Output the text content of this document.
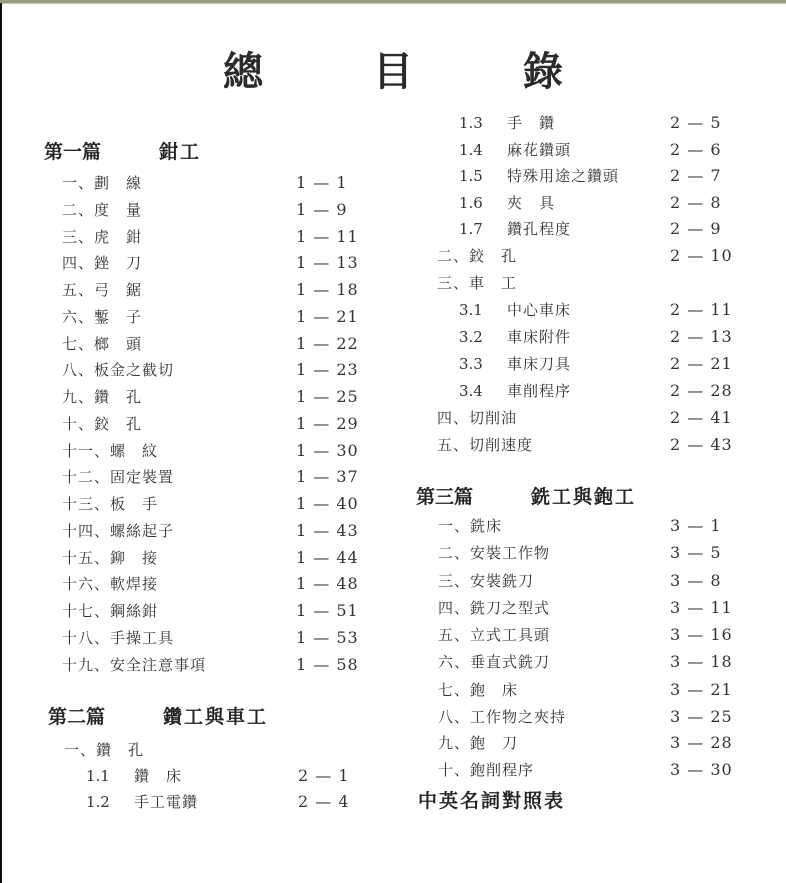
總 目 錄
第一篇	鉗工
一、劃　線	1 — 1
二、度　量	1 — 9
三、虎　鉗	1 — 11
四、銼　刀	1 — 13
五、弓　鋸	1 — 18
六、鏨　子	1 — 21
七、榔　頭	1 — 22
八、板金之截切	1 — 23
九、鑽　孔	1 — 25
十、鉸　孔	1 — 29
十一、螺　紋	1 — 30
十二、固定裝置	1 — 37
十三、板　手	1 — 40
十四、螺絲起子	1 — 43
十五、鉚　接	1 — 44
十六、軟焊接	1 — 48
十七、鋼絲鉗	1 — 51
十八、手操工具	1 — 53
十九、安全注意事項	1 — 58
第二篇	鑽工與車工
一、鑽　孔
1.1 鑽　床	2 — 1
1.2 手工電鑽	2 — 4
1.3 手　鑽	2 — 5
1.4 麻花鑽頭	2 — 6
1.5 特殊用途之鑽頭	2 — 7
1.6 夾　具	2 — 8
1.7 鑽孔程度	2 — 9
二、鉸　孔	2 — 10
三、車　工
3.1 中心車床	2 — 11
3.2 車床附件	2 — 13
3.3 車床刀具	2 — 21
3.4 車削程序	2 — 28
四、切削油	2 — 41
五、切削速度	2 — 43
第三篇	銑工與鉋工
一、銑床	3 — 1
二、安裝工作物	3 — 5
三、安裝銑刀	3 — 8
四、銑刀之型式	3 — 11
五、立式工具頭	3 — 16
六、垂直式銑刀	3 — 18
七、鉋　床	3 — 21
八、工作物之夾持	3 — 25
九、鉋　刀	3 — 28
十、鉋削程序	3 — 30
中英名詞對照表
